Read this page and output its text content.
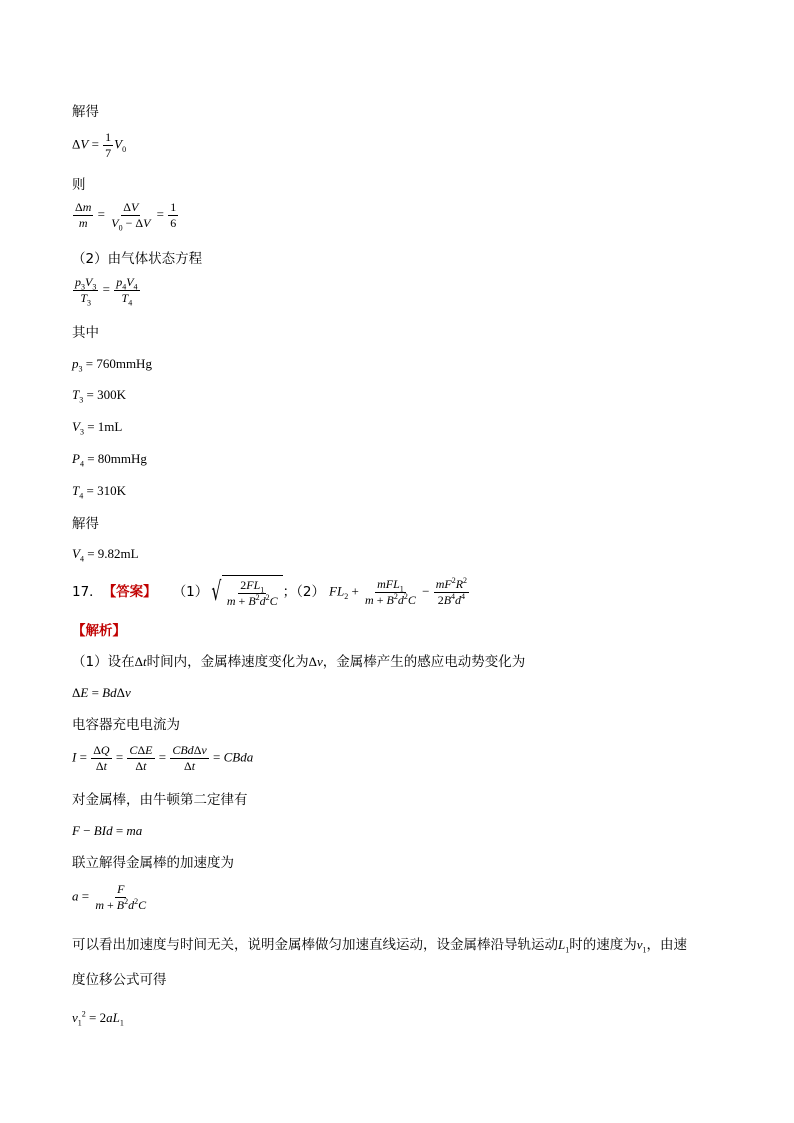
解得
$\Delta V = \frac{1}{7} V_0$
则
$\frac{\Delta m}{m} = \frac{\Delta V}{V_0 - \Delta V} = \frac{1}{6}$
（2）由气体状态方程
$\frac{p_3V_3}{T_3} = \frac{p_4V_4}{T_4}$
其中
$p_3$ = 760mmHg
$T_3 = 300K$
$V_3 = 1mL$
$P_4$ = 80mmHg
$T_4 = 310K$
解得
$V_4 = 9.82mL$
17． 【答案】 （1） √ $\frac{2FL_1}{m + B^2d^2C}$ ；（2） $FL_2 + \frac{mFL_1}{m + B^2d^2C} - \frac{mF^2R^2}{2B^4d^4}$
【解析】
（1）设在Δt时间内，金属棒速度变化为Δv，金属棒产生的感应电动势变化为
ΔE = BdΔv
电容器充电电流为
$I = \frac{\Delta Q}{\Delta t} = \frac{\text{CΔE}}{\Delta t} = \frac{\text{CBdΔv}}{\Delta t}$ = CBda
对金属棒，由牛顿第二定律有
F − BId = ma
联立解得金属棒的加速度为
$a = \frac{F}{m + B^2d^2C}$
可以看出加速度与时间无关，说明金属棒做匀加速直线运动，设金属棒沿导轨运动$L_1$时的速度为$v_1$，由速
度位移公式可得
$v_1^2 = 2aL_1$
